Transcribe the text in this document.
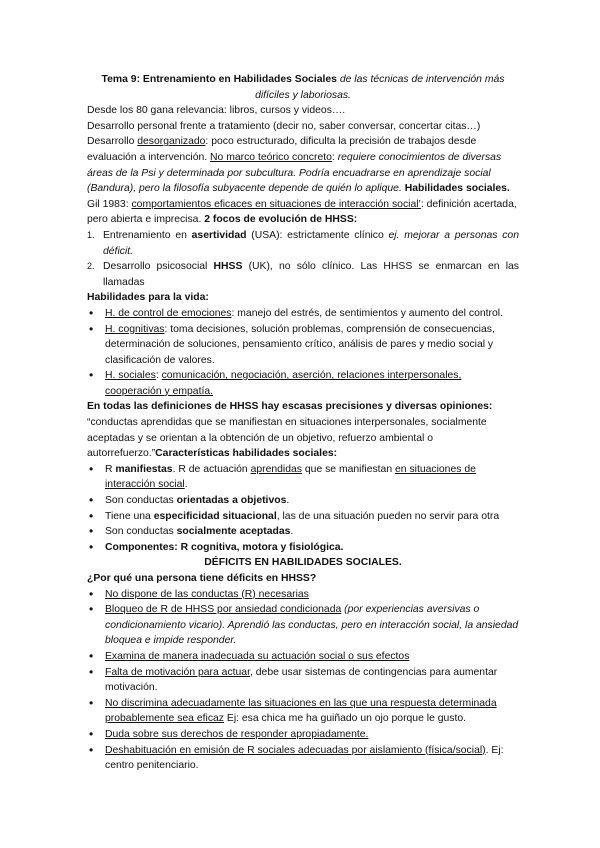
Tema 9: Entrenamiento en Habilidades Sociales de las técnicas de intervención más difíciles y laboriosas.

Desde los 80 gana relevancia: libros, cursos y videos….

Desarrollo personal frente a tratamiento (decir no, saber conversar, concertar citas…)

Desarrollo desorganizado: poco estructurado, dificulta la precisión de trabajos desde evaluación a intervención. No marco teórico concreto: requiere conocimientos de diversas áreas de la Psi y determinada por subcultura. Podría encuadrarse en aprendizaje social (Bandura), pero la filosofía subyacente depende de quién lo aplique. Habilidades sociales.

Gil 1983: comportamientos eficaces en situaciones de interacción social’: definición acertada, pero abierta e imprecisa. 2 focos de evolución de HHSS:

1. Entrenamiento en asertividad (USA): estrictamente clínico ej. mejorar a personas con déficit.
2. Desarrollo psicosocial HHSS (UK), no sólo clínico. Las HHSS se enmarcan en las llamadas

Habilidades para la vida:

• H. de control de emociones: manejo del estrés, de sentimientos y aumento del control.
• H. cognitivas: toma decisiones, solución problemas, comprensión de consecuencias, determinación de soluciones, pensamiento crítico, análisis de pares y medio social y clasificación de valores.
• H. sociales: comunicación, negociación, aserción, relaciones interpersonales, cooperación y empatía.

En todas las definiciones de HHSS hay escasas precisiones y diversas opiniones:

“conductas aprendidas que se manifiestan en situaciones interpersonales, socialmente aceptadas y se orientan a la obtención de un objetivo, refuerzo ambiental o autorrefuerzo.”Características habilidades sociales:

• R manifiestas. R de actuación aprendidas que se manifiestan en situaciones de interacción social.
• Son conductas orientadas a objetivos.
• Tiene una especificidad situacional, las de una situación pueden no servir para otra
• Son conductas socialmente aceptadas.
• Componentes: R cognitiva, motora y fisiológica.

DÉFICITS EN HABILIDADES SOCIALES.

¿Por qué una persona tiene déficits en HHSS?

• No dispone de las conductas (R) necesarias
• Bloqueo de R de HHSS por ansiedad condicionada (por experiencias aversivas o condicionamiento vicario). Aprendió las conductas, pero en interacción social, la ansiedad bloquea e impide responder.
• Examina de manera inadecuada su actuación social o sus efectos
• Falta de motivación para actuar, debe usar sistemas de contingencias para aumentar motivación.
• No discrimina adecuadamente las situaciones en las que una respuesta determinada probablemente sea eficaz Ej: esa chica me ha guiñado un ojo porque le gusto.
• Duda sobre sus derechos de responder apropiadamente.
• Deshabituación en emisión de R sociales adecuadas por aislamiento (física/social). Ej: centro penitenciario.
